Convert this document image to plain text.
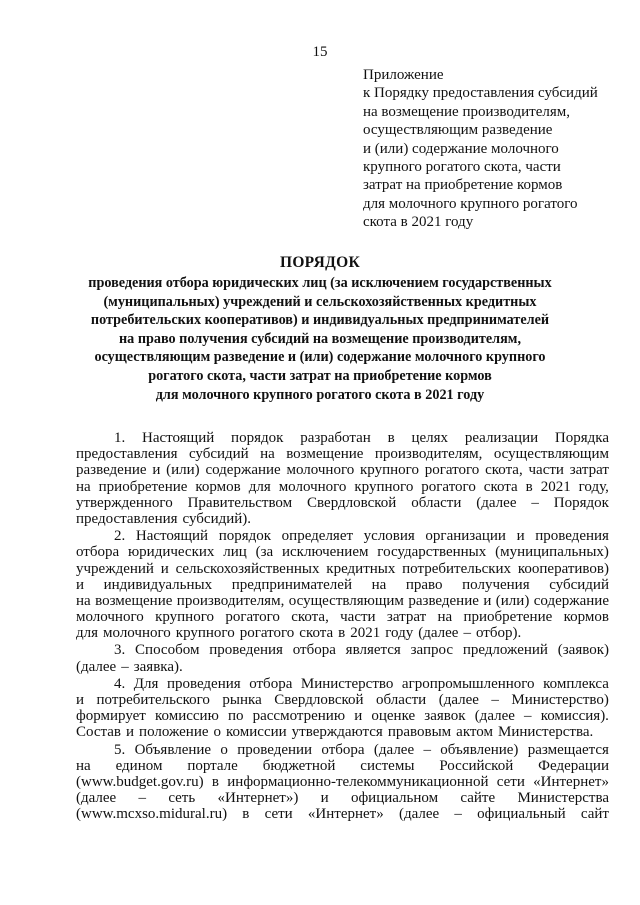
15
Приложение
к Порядку предоставления субсидий
на возмещение производителям,
осуществляющим разведение
и (или) содержание молочного
крупного рогатого скота, части
затрат на приобретение кормов
для молочного крупного рогатого
скота в 2021 году
ПОРЯДОК
проведения отбора юридических лиц (за исключением государственных
(муниципальных) учреждений и сельскохозяйственных кредитных
потребительских кооперативов) и индивидуальных предпринимателей
на право получения субсидий на возмещение производителям,
осуществляющим разведение и (или) содержание молочного крупного
рогатого скота, части затрат на приобретение кормов
для молочного крупного рогатого скота в 2021 году
1. Настоящий порядок разработан в целях реализации Порядка
предоставления субсидий на возмещение производителям, осуществляющим
разведение и (или) содержание молочного крупного рогатого скота, части затрат
на приобретение кормов для молочного крупного рогатого скота в 2021 году,
утвержденного Правительством Свердловской области (далее – Порядок
предоставления субсидий).
2. Настоящий порядок определяет условия организации и проведения
отбора юридических лиц (за исключением государственных (муниципальных)
учреждений и сельскохозяйственных кредитных потребительских кооперативов)
и индивидуальных предпринимателей на право получения субсидий
на возмещение производителям, осуществляющим разведение и (или) содержание
молочного крупного рогатого скота, части затрат на приобретение кормов
для молочного крупного рогатого скота в 2021 году (далее – отбор).
3. Способом проведения отбора является запрос предложений (заявок)
(далее – заявка).
4. Для проведения отбора Министерство агропромышленного комплекса
и потребительского рынка Свердловской области (далее – Министерство)
формирует комиссию по рассмотрению и оценке заявок (далее – комиссия).
Состав и положение о комиссии утверждаются правовым актом Министерства.
5. Объявление о проведении отбора (далее – объявление) размещается
на едином портале бюджетной системы Российской Федерации
(www.budget.gov.ru) в информационно-телекоммуникационной сети «Интернет»
(далее – сеть «Интернет») и официальном сайте Министерства
(www.mcxso.midural.ru) в сети «Интернет» (далее – официальный сайт
